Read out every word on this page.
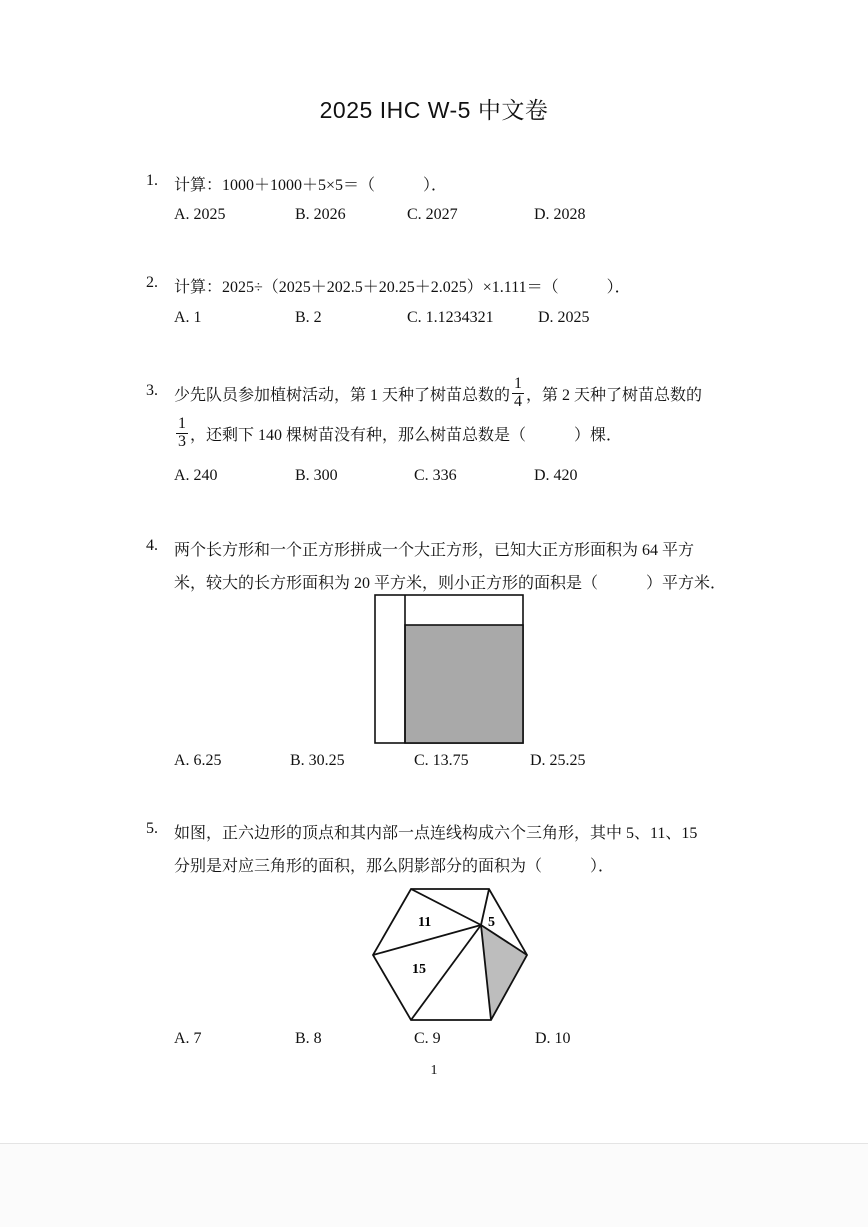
2025 IHC W-5 中文卷
1. 计算：1000＋1000＋5×5＝（　　　）．
A. 2025	B. 2026	C. 2027	D. 2028
2. 计算：2025÷（2025＋202.5＋20.25＋2.025）×1.111＝（　　　）．
A. 1	B. 2	C. 1.1234321	D. 2025
3. 少先队员参加植树活动，第 1 天种了树苗总数的 $\frac{1}{4}$ ，第 2 天种了树苗总数的
$\frac{1}{3}$ ，还剩下 140 棵树苗没有种，那么树苗总数是（　　　）棵．
A. 240	B. 300	C. 336	D. 420
4. 两个长方形和一个正方形拼成一个大正方形，已知大正方形面积为 64 平方
米，较大的长方形面积为 20 平方米，则小正方形的面积是（　　　）平方米．
A. 6.25	B. 30.25	C. 13.75	D. 25.25
5. 如图，正六边形的顶点和其内部一点连线构成六个三角形，其中 5、11、15
分别是对应三角形的面积，那么阴影部分的面积为（　　　）．
11	5
15
A. 7	B. 8	C. 9	D. 10
1
